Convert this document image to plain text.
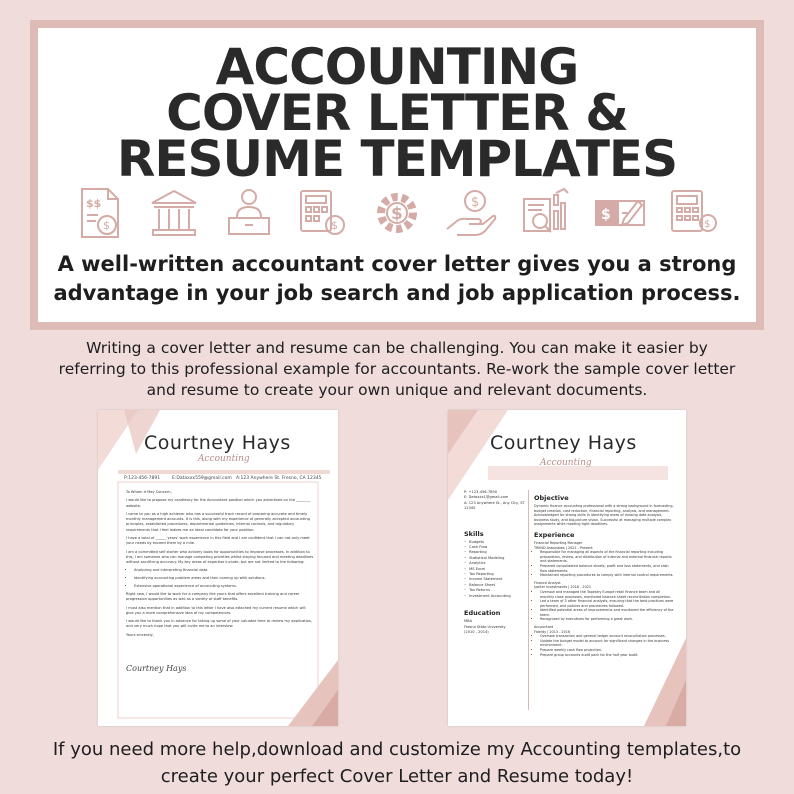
ACCOUNTING
COVER LETTER &
RESUME TEMPLATES
$$
$	$
$
$
$
$
A well-written accountant cover letter gives you a strong
advantage in your job search and job application process.
Writing a cover letter and resume can be challenging. You can make it easier by
referring to this professional example for accountants. Re-work the sample cover letter
and resume to create your own unique and relevant documents.
Courtney Hays
Accounting
P:123-456-7891	E:Dataxxx559@gmail.com A:123 Anywhere St. Fresno, CA 12345

To Whom it May Concern,

I would like to propose my candidacy for the Accountant position which you advertised on the ________ website.

I come to you as a high achiever who has a successful track record of preparing accurate and timely monthly management accounts. It is this, along with my experience of generally accepted accounting principles, established procedures, departmental guidelines, internal controls, and regulatory requirements that I feel makes me an ideal candidate for your position.

I have a total of ______ years' work experience in this field and I am confident that I can not only meet your needs by exceed them by a mile.

I am a committed self starter who actively looks for opportunities to improve processes. In addition to this, I am someone who can manage competing priorities whilst staying focused and meeting deadlines without sacrificing accuracy. My key areas of expertise include, but are not limited to the following:

• Analyzing and interpreting financial data.
• Identifying accounting problem areas and then coming up with solutions.
• Extensive operational experience of accounting systems.

Right now, I would like to work for a company like yours that offers excellent training and career progression opportunities as well as a variety of staff benefits.

I must also mention that in addition to this letter I have also attached my current resume which will give you a more comprehensive idea of my competencies.

I would like to thank you in advance for taking up some of your valuable time to review my application, and very much hope that you will invite me to an interview.

Yours sincerely,

Courtney Hays
Courtney Hays
Accounting
P: +123-456-7890
E: Dataxxx1@gmail.com
A: 123 Anywhere St., Any City, ST 12345
Skills
• Budgets
• Cash Flow
• Reporting
• Statistical Modeling
• Analytics
• MS Excel
• Tax Reporting
• Income Statement
• Balance Sheet
• Tax Returns
• Investment Accounting
Education
MBA
Fresno State University
(2010 - 2014)
Objective
Dynamic finance accounting professional with a strong background in forecasting, budget creation, cost reduction, financial reporting, analysis, and management. Acknowledged for strong skills in identifying areas of missing data analysis, business study, and big-picture vision. Successful at managing multiple complex assignments while meeting tight deadlines.
Experience
Financial Reporting Manager
TRIIND Associates | 2021 - Present
• Responsible for managing all aspects of the financial reporting including preparation, review, and distribution of internal and external financial reports and statements.
• Prepared consolidated balance sheets, profit and loss statements, and cash flow statements.
• Maintained reporting procedures to comply with internal control requirements.
Finance Analyst
Jupiter Investments | 2016 - 2021
• Oversaw and managed the Tapestry Europe retail finance team and all monthly close processes, monitored balance sheet reconciliation completion.
• Led a team of 3 other financial analysts, ensuring that the best practices were performed, and policies and procedures followed.
• Identified potential areas of improvements and monitored the efficiency of the team.
• Recognized by executives for performing a great work.
Accountant
Fidelity | 2013 - 2016
• Oversaw transaction and general ledger account reconciliation processes.
• Update the budget model to account for significant changes in the business environment.
• Prepare weekly cash flow projection.
• Prepare group accounts audit pack for the half year audit.
If you need more help,download and customize my Accounting templates,to
create your perfect Cover Letter and Resume today!
